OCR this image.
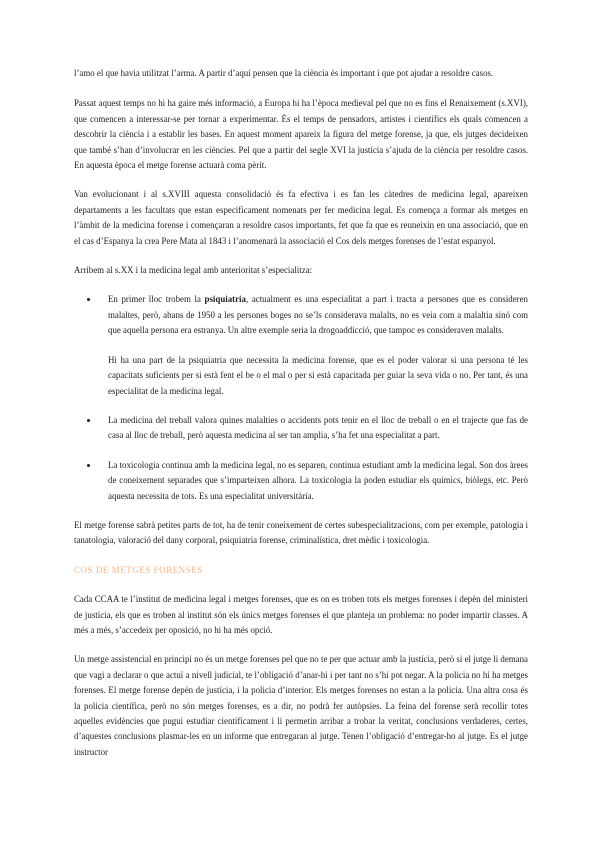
l’amo el que havia utilitzat l’arma. A partir d’aquí pensen que la ciència és important i que pot ajudar a resoldre casos.

Passat aquest temps no hi ha gaire més informació, a Europa hi ha l’època medieval pel que no es fins el Renaixement (s.XVI), que comencen a interessar-se per tornar a experimentar. És el temps de pensadors, artistes i científics els quals comencen a descobrir la ciència i a establir les bases. En aquest moment apareix la figura del metge forense, ja que, els jutges decideixen que també s’han d’involucrar en les ciències. Pel que a partir del segle XVI la justícia s’ajuda de la ciència per resoldre casos. En aquesta època el metge forense actuarà coma pèrit.

Van evolucionant i al s.XVIII aquesta consolidació és fa efectiva i es fan les càtedres de medicina legal, apareixen departaments a les facultats que estan específicament nomenats per fer medicina legal. Es comença a formar als metges en l’àmbit de la medicina forense i començaran a resoldre casos importants, fet que fa que es reuneixin en una associació, que en el cas d’Espanya la crea Pere Mata al 1843 i l’anomenarà la associació el Cos dels metges forenses de l’estat espanyol.

Arribem al s.XX i la medicina legal amb anterioritat s’especialitza:

En primer lloc trobem la psiquiatria, actualment es una especialitat a part i tracta a persones que es consideren malaltes, però, abans de 1950 a les persones boges no se’ls considerava malalts, no es veia com a malaltia sinó com que aquella persona era estranya. Un altre exemple seria la drogoaddicció, que tampoc es consideraven malalts.

Hi ha una part de la psiquiatria que necessita la medicina forense, que es el poder valorar si una persona té les capacitats suficients per si està fent el be o el mal o per si està capacitada per guiar la seva vida o no. Per tant, és una especialitat de la medicina legal.

La medicina del treball valora quines malalties o accidents pots tenir en el lloc de treball o en el trajecte que fas de casa al lloc de treball, però aquesta medicina al ser tan amplia, s’ha fet una especialitat a part.

La toxicologia continua amb la medicina legal, no es separen, continua estudiant amb la medicina legal. Son dos àrees de coneixement separades que s’imparteixen alhora. La toxicologia la poden estudiar els químics, biòlegs, etc. Però aquesta necessita de tots. Es una especialitat universitària.

El metge forense sabrà petites parts de tot, ha de tenir coneixement de certes subespecialitzacions, com per exemple, patologia i tanatologia, valoració del dany corporal, psiquiatria forense, criminalística, dret mèdic i toxicologia.

COS DE METGES FORENSES

Cada CCAA te l’institut de medicina legal i metges forenses, que es on es troben tots els metges forenses i depèn del ministeri de justícia, els que es troben al institut són els únics metges forenses el que planteja un problema: no poder impartir classes. A més a més, s’accedeix per oposició, no hi ha més opció.

Un metge assistencial en principi no és un metge forenses pel que no te per que actuar amb la justícia, però si el jutge li demana que vagi a declarar o que actuï a nivell judicial, te l’obligació d’anar-hi i per tant no s’hi pot negar. A la policia no hi ha metges forenses. El metge forense depèn de justícia, i la policia d’interior. Els metges forenses no estan a la policia. Una altra cosa és la policia científica, però no són metges forenses, es a dir, no podrà fer autòpsies. La feina del forense serà recollir totes aquelles evidències que pugui estudiar científicament i li permetin arribar a trobar la veritat, conclusions verdaderes, certes, d’aquestes conclusions plasmar-les en un informe que entregaran al jutge. Tenen l’obligació d’entregar-ho al jutge. Es el jutge instructor
